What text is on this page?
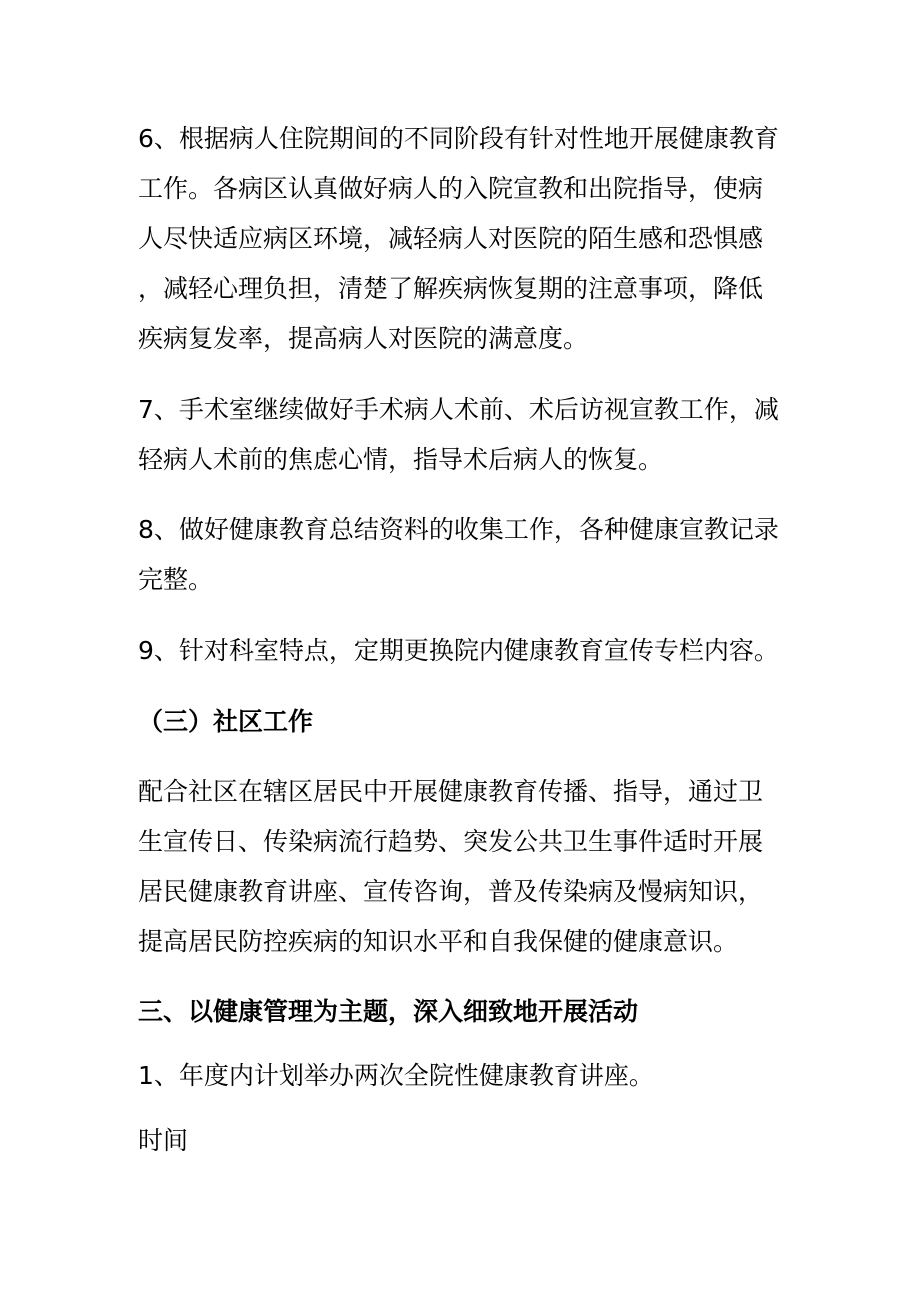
6、根据病人住院期间的不同阶段有针对性地开展健康教育
工作。各病区认真做好病人的入院宣教和出院指导，使病
人尽快适应病区环境，减轻病人对医院的陌生感和恐惧感
，减轻心理负担，清楚了解疾病恢复期的注意事项，降低
疾病复发率，提高病人对医院的满意度。
7、手术室继续做好手术病人术前、术后访视宣教工作，减
轻病人术前的焦虑心情，指导术后病人的恢复。
8、做好健康教育总结资料的收集工作，各种健康宣教记录
完整。
9、针对科室特点，定期更换院内健康教育宣传专栏内容。
（三）社区工作
配合社区在辖区居民中开展健康教育传播、指导，通过卫
生宣传日、传染病流行趋势、突发公共卫生事件适时开展
居民健康教育讲座、宣传咨询，普及传染病及慢病知识，
提高居民防控疾病的知识水平和自我保健的健康意识。
三、以健康管理为主题，深入细致地开展活动
1、年度内计划举办两次全院性健康教育讲座。
时间
